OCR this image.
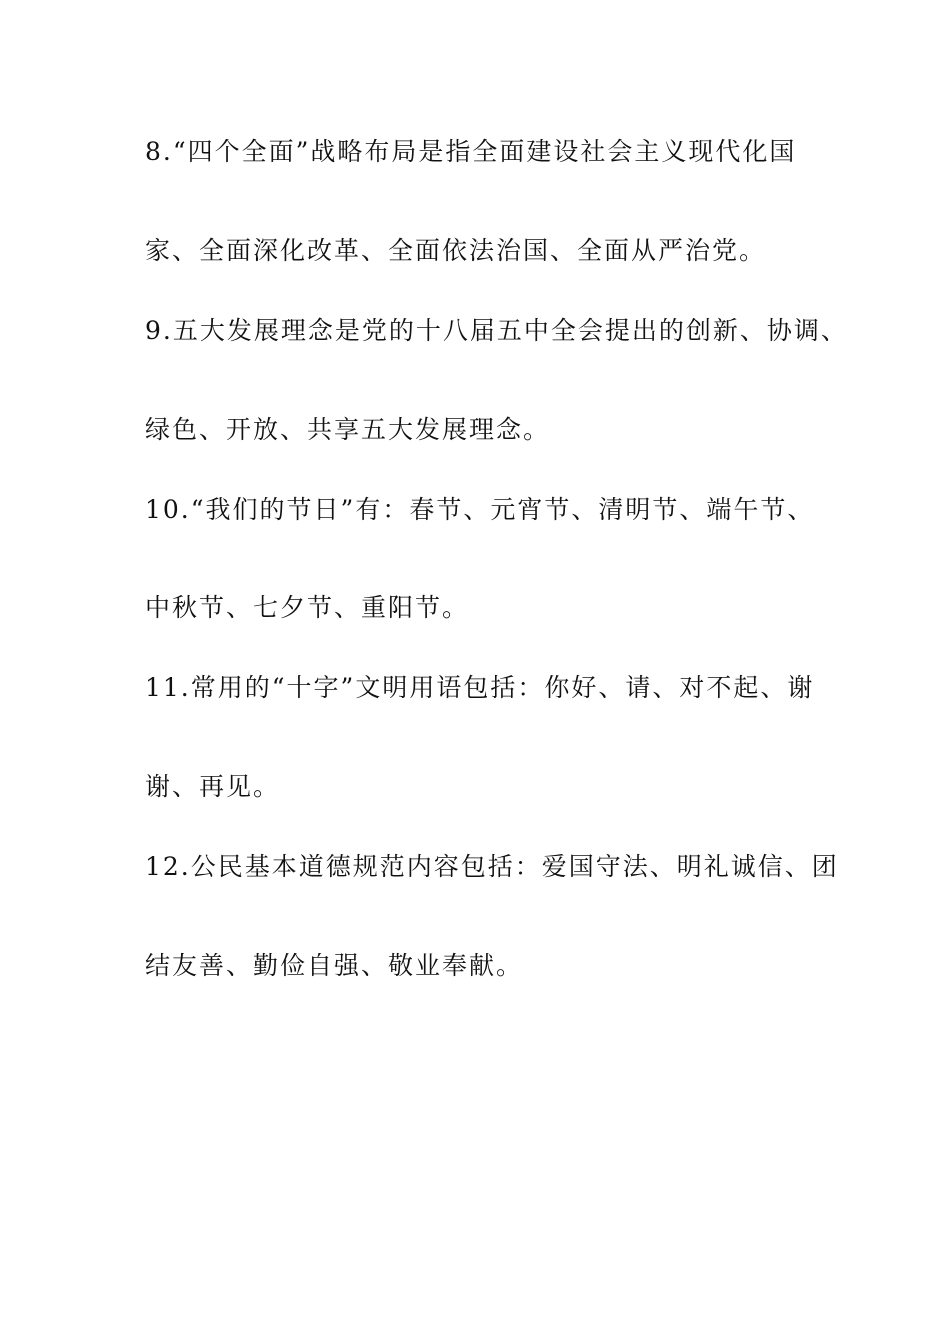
8.“四个全面”战略布局是指全面建设社会主义现代化国
家、全面深化改革、全面依法治国、全面从严治党。
9.五大发展理念是党的十八届五中全会提出的创新、协调、
绿色、开放、共享五大发展理念。
10.“我们的节日”有：春节、元宵节、清明节、端午节、
中秋节、七夕节、重阳节。
11.常用的“十字”文明用语包括：你好、请、对不起、谢
谢、再见。
12.公民基本道德规范内容包括：爱国守法、明礼诚信、团
结友善、勤俭自强、敬业奉献。
